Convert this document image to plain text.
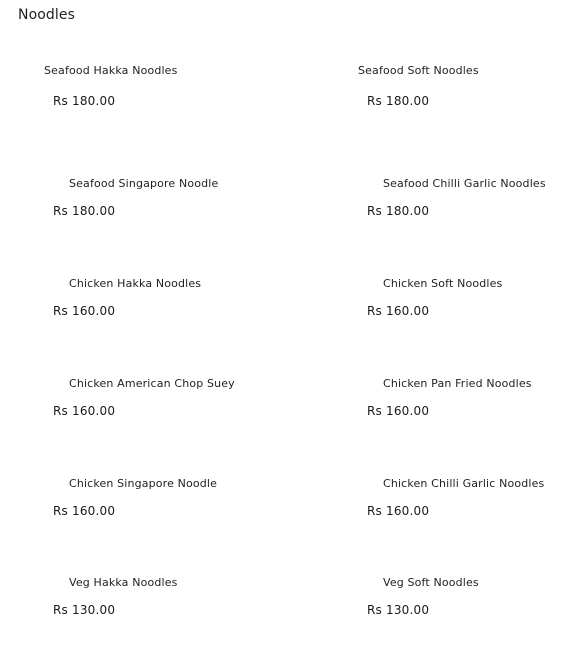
Noodles
Seafood Hakka Noodles
Rs 180.00
Seafood Soft Noodles
Rs 180.00
Seafood Singapore Noodle
Rs 180.00
Seafood Chilli Garlic Noodles
Rs 180.00
Chicken Hakka Noodles
Rs 160.00
Chicken Soft Noodles
Rs 160.00
Chicken American Chop Suey
Rs 160.00
Chicken Pan Fried Noodles
Rs 160.00
Chicken Singapore Noodle
Rs 160.00
Chicken Chilli Garlic Noodles
Rs 160.00
Veg Hakka Noodles
Rs 130.00
Veg Soft Noodles
Rs 130.00
